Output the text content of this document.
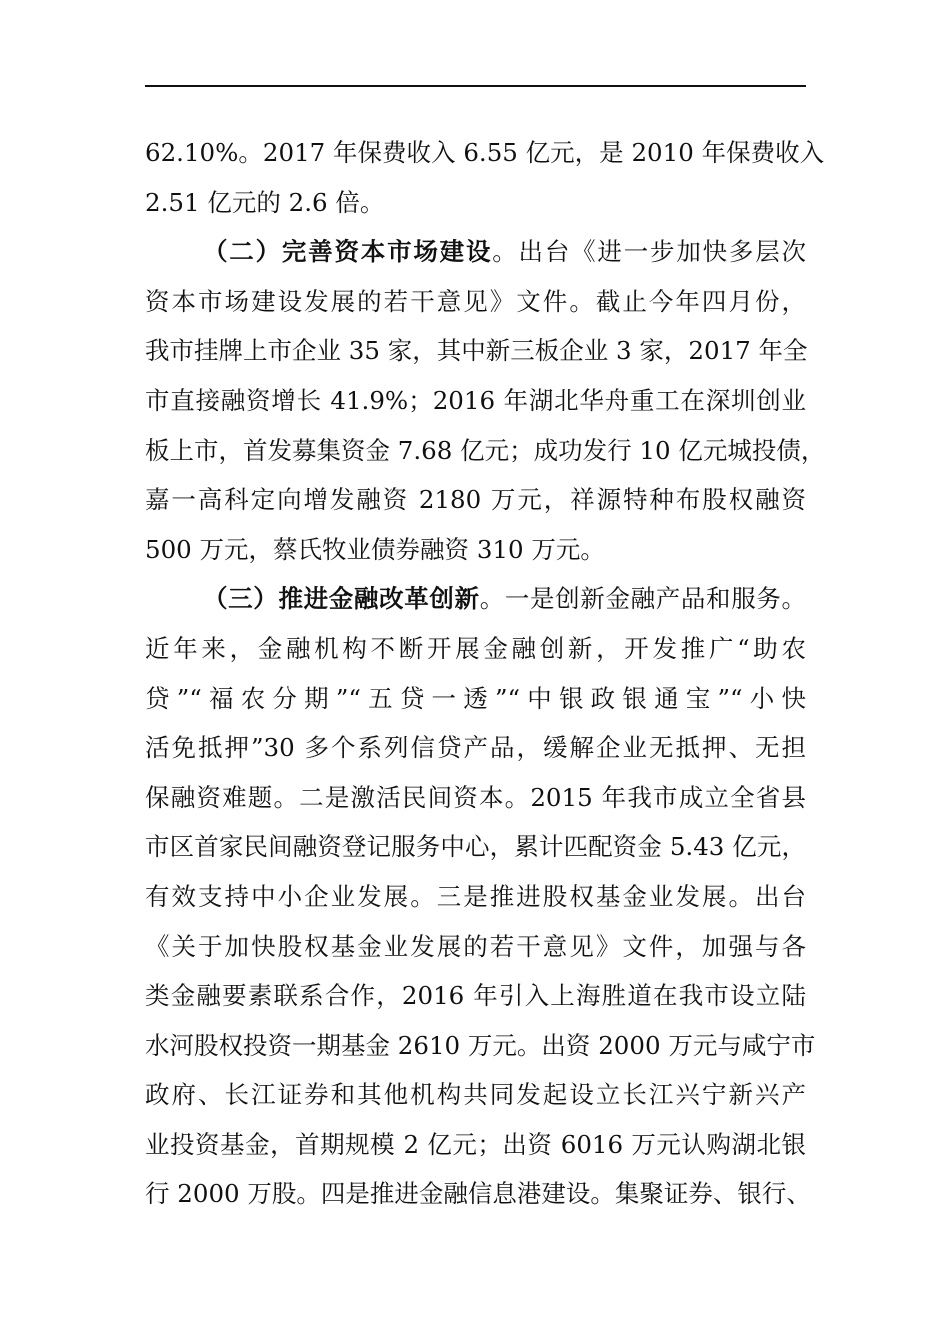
62.10%。2017 年保费收入 6.55 亿元，是 2010 年保费收入
2.51 亿元的 2.6 倍。
（二）完善资本市场建设。出台《进一步加快多层次
资本市场建设发展的若干意见》文件。截止今年四月份，
我市挂牌上市企业 35 家，其中新三板企业 3 家，2017 年全
市直接融资增长 41.9%；2016 年湖北华舟重工在深圳创业
板上市，首发募集资金 7.68 亿元；成功发行 10 亿元城投债，
嘉一高科定向增发融资 2180 万元，祥源特种布股权融资
500 万元，蔡氏牧业债券融资 310 万元。
（三）推进金融改革创新。一是创新金融产品和服务。
近年来，金融机构不断开展金融创新，开发推广“助农
贷”“福农分期”“五贷一透”“中银政银通宝”“小快
活免抵押”30 多个系列信贷产品，缓解企业无抵押、无担
保融资难题。二是激活民间资本。2015 年我市成立全省县
市区首家民间融资登记服务中心，累计匹配资金 5.43 亿元，
有效支持中小企业发展。三是推进股权基金业发展。出台
《关于加快股权基金业发展的若干意见》文件，加强与各
类金融要素联系合作，2016 年引入上海胜道在我市设立陆
水河股权投资一期基金 2610 万元。出资 2000 万元与咸宁市
政府、长江证券和其他机构共同发起设立长江兴宁新兴产
业投资基金，首期规模 2 亿元；出资 6016 万元认购湖北银
行 2000 万股。四是推进金融信息港建设。集聚证券、银行、
